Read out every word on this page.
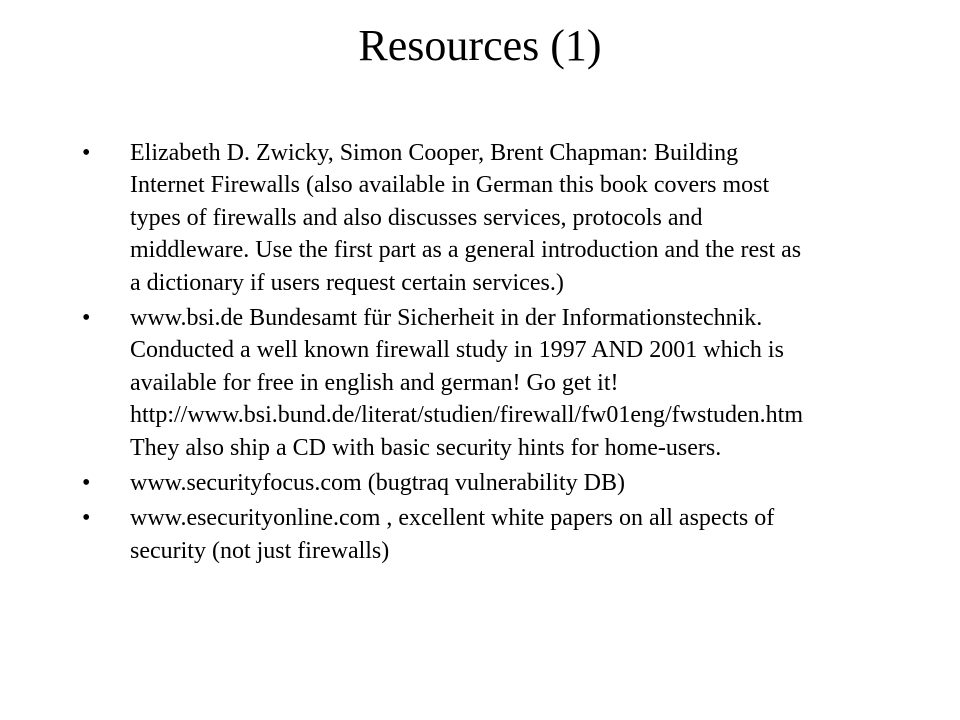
Resources (1)
• Elizabeth D. Zwicky, Simon Cooper, Brent Chapman: Building
Internet Firewalls (also available in German this book covers most
types of firewalls and also discusses services, protocols and
middleware. Use the first part as a general introduction and the rest as
a dictionary if users request certain services.)
• www.bsi.de Bundesamt für Sicherheit in der Informationstechnik.
Conducted a well known firewall study in 1997 AND 2001 which is
available for free in english and german! Go get it!
http://www.bsi.bund.de/literat/studien/firewall/fw01eng/fwstuden.htm
They also ship a CD with basic security hints for home-users.
• www.securityfocus.com (bugtraq vulnerability DB)
• www.esecurityonline.com , excellent white papers on all aspects of
security (not just firewalls)
